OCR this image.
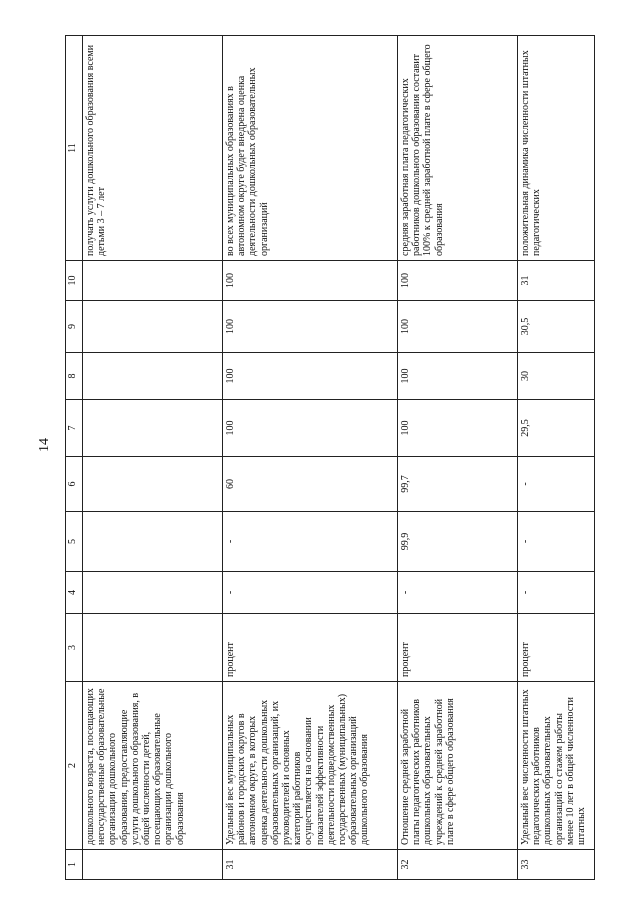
14
1	2	3	4	5	6	7	8	9	10	11
	дошкольного возраста, посещающих негосударственные образовательные организации дошкольного образования, предоставляющие услуги дошкольного образования, в общей численности детей, посещающих образовательные организации дошкольного образования									получать услуги дошкольного образования всеми детьми 3 – 7 лет
31	Удельный вес муниципальных районов и городских округов в автономном округе, в которых оценка деятельности дошкольных образовательных организаций, их руководителей и основных категорий работников осуществляется на основании показателей эффективности деятельности подведомственных государственных (муниципальных) образовательных организаций дошкольного образования	процент	-	-	60	100	100	100	100	во всех муниципальных образованиях в автономном округе будет внедрена оценка деятельности дошкольных образовательных организаций
32	Отношение средней заработной платы педагогических работников дошкольных образовательных учреждений к средней заработной плате в сфере общего образования	процент	-	99,9	99,7	100	100	100	100	средняя заработная плата педагогических работников дошкольного образования составит 100% к средней заработной плате в сфере общего образования
33	Удельный вес численности штатных педагогических работников дошкольных образовательных организаций со стажем работы менее 10 лет в общей численности штатных	процент	-	-	-	29,5	30	30,5	31	положительная динамика численности штатных педагогических
